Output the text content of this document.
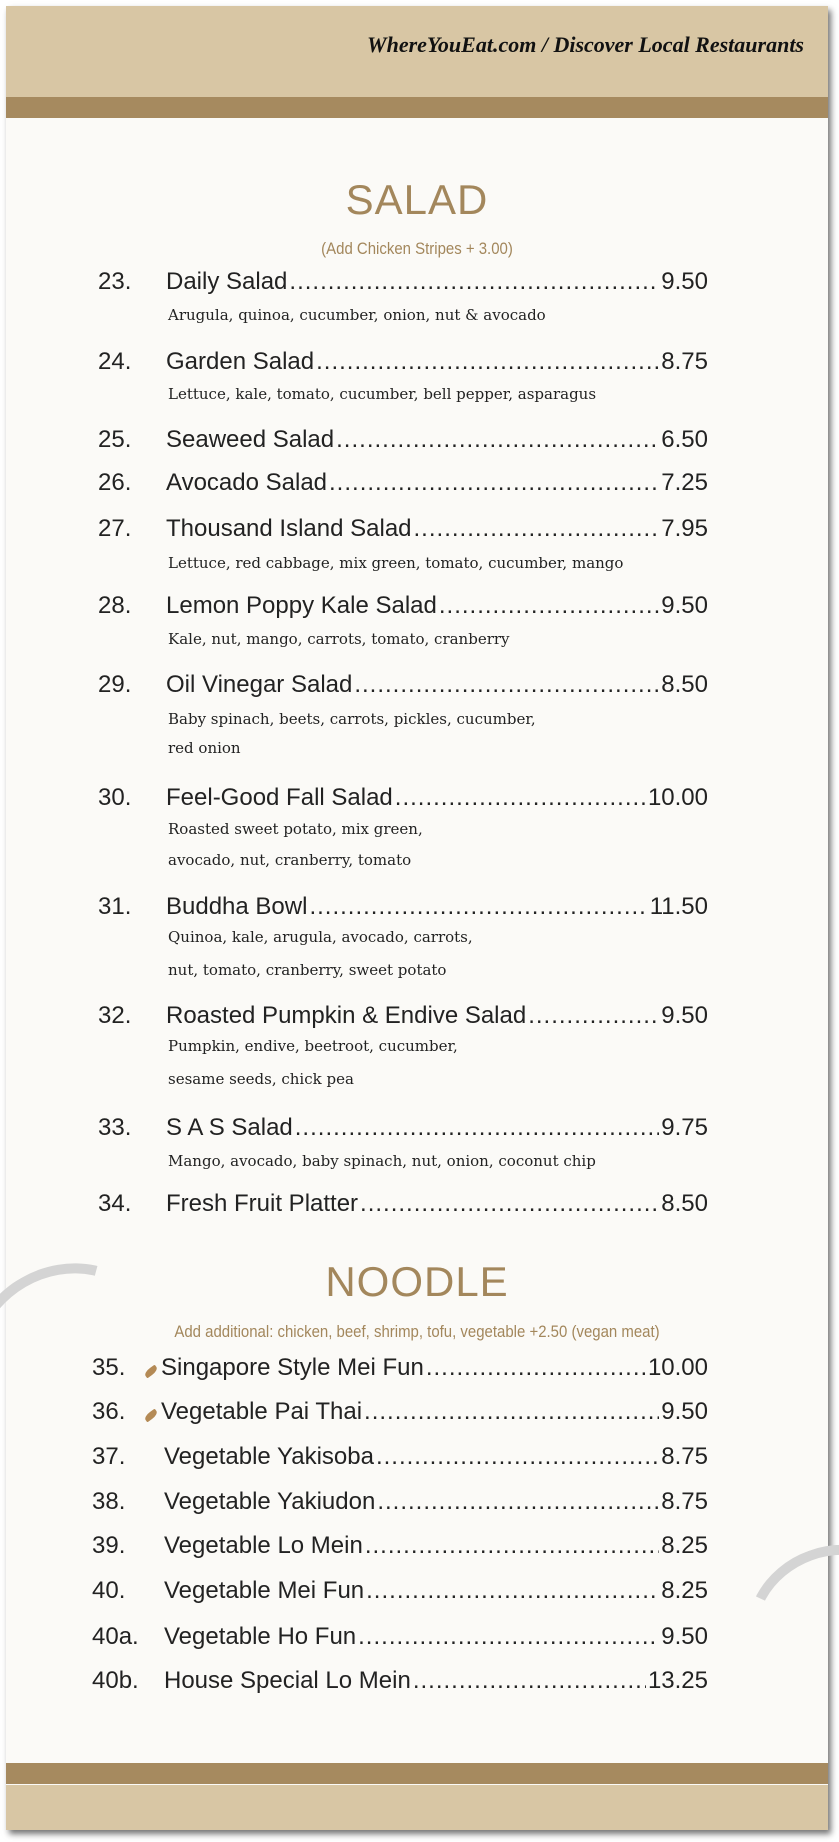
WhereYouEat.com / Discover Local Restaurants
SALAD
(Add Chicken Stripes + 3.00)
23.	Daily Salad .....	9.50
Arugula, quinoa, cucumber, onion, nut & avocado
24.	Garden Salad .....	8.75
Lettuce, kale, tomato, cucumber, bell pepper, asparagus
25.	Seaweed Salad .....	6.50
26.	Avocado Salad .....	7.25
27.	Thousand Island Salad .....	7.95
Lettuce, red cabbage, mix green, tomato, cucumber, mango
28.	Lemon Poppy Kale Salad .....	9.50
Kale, nut, mango, carrots, tomato, cranberry
29.	Oil Vinegar Salad .....	8.50
Baby spinach, beets, carrots, pickles, cucumber,
red onion
30.	Feel-Good Fall Salad .....	10.00
Roasted sweet potato, mix green,
avocado, nut, cranberry, tomato
31.	Buddha Bowl .....	11.50
Quinoa, kale, arugula, avocado, carrots,
nut, tomato, cranberry, sweet potato
32.	Roasted Pumpkin & Endive Salad .....	9.50
Pumpkin, endive, beetroot, cucumber,
sesame seeds, chick pea
33.	S A S Salad .....	9.75
Mango, avocado, baby spinach, nut, onion, coconut chip
34.	Fresh Fruit Platter .....	8.50
NOODLE
Add additional: chicken, beef, shrimp, tofu, vegetable +2.50 (vegan meat)
35.	Singapore Style Mei Fun .....	10.00
36.	Vegetable Pai Thai .....	9.50
37.	Vegetable Yakisoba .....	8.75
38.	Vegetable Yakiudon .....	8.75
39.	Vegetable Lo Mein .....	8.25
40.	Vegetable Mei Fun .....	8.25
40a.	Vegetable Ho Fun .....	9.50
40b.	House Special Lo Mein .....	13.25
